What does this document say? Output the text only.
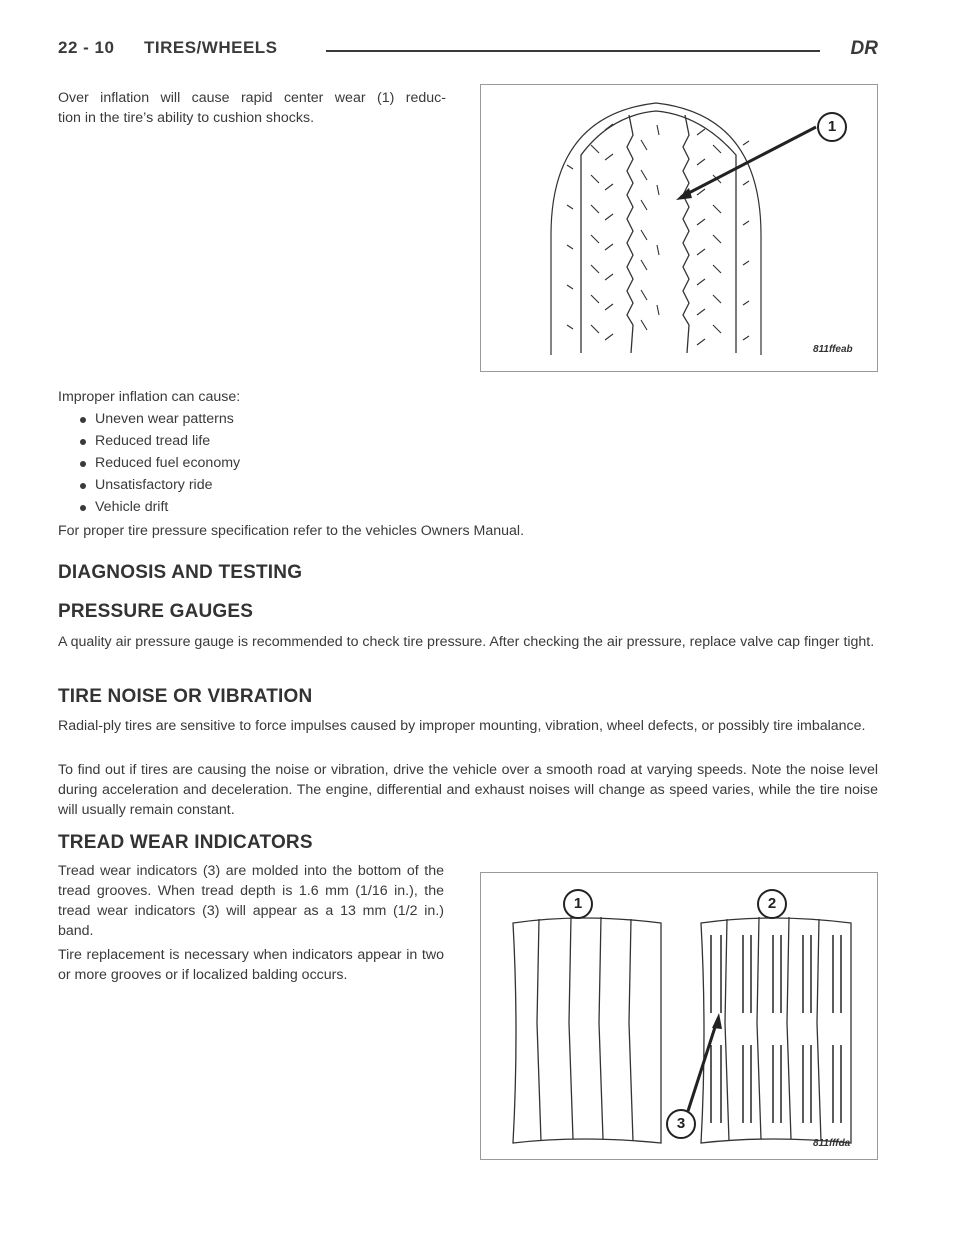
22 - 10 TIRES/WHEELS	DR
Over inflation will cause rapid center wear (1) reduc-
tion in the tire’s ability to cushion shocks.	1
811ffeab
Improper inflation can cause:
Uneven wear patterns
Reduced tread life
Reduced fuel economy
Unsatisfactory ride
Vehicle drift
For proper tire pressure specification refer to the vehicles Owners Manual.
DIAGNOSIS AND TESTING
PRESSURE GAUGES
A quality air pressure gauge is recommended to check tire pressure. After checking the air pressure, replace valve cap finger tight.
TIRE NOISE OR VIBRATION
Radial-ply tires are sensitive to force impulses caused by improper mounting, vibration, wheel defects, or possibly tire imbalance.
To find out if tires are causing the noise or vibration, drive the vehicle over a smooth road at varying speeds. Note the noise level during acceleration and deceleration. The engine, differential and exhaust noises will change as speed varies, while the tire noise will usually remain constant.
TREAD WEAR INDICATORS
Tread wear indicators (3) are molded into the bottom of the tread grooves. When tread depth is 1.6 mm (1/16 in.), the tread wear indicators (3) will appear as a 13 mm (1/2 in.) band.
Tire replacement is necessary when indicators appear in two or more grooves or if localized balding occurs.
1	2
3
811fffda
